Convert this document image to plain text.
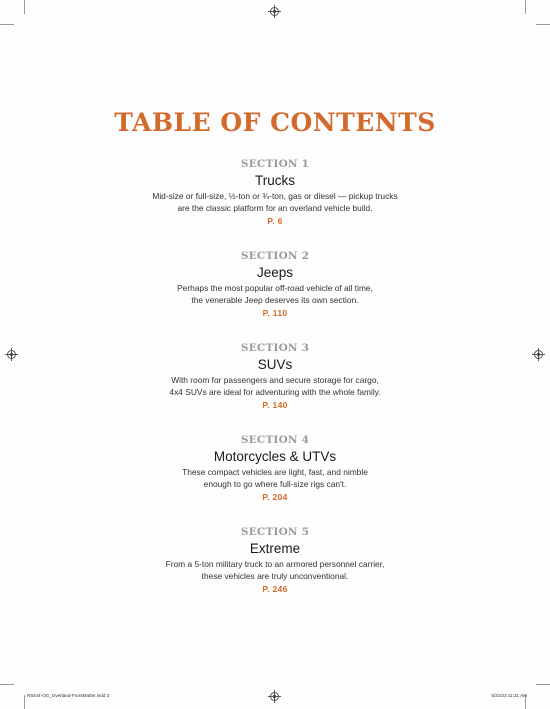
TABLE OF CONTENTS
SECTION 1
Trucks
Mid-size or full-size, ½-ton or ¾-ton, gas or diesel — pickup trucks
are the classic platform for an overland vehicle build.
P. 6
SECTION 2
Jeeps
Perhaps the most popular off-road vehicle of all time,
the venerable Jeep deserves its own section.
P. 110
SECTION 3
SUVs
With room for passengers and secure storage for cargo,
4x4 SUVs are ideal for adventuring with the whole family.
P. 140
SECTION 4
Motorcycles & UTVs
These compact vehicles are light, fast, and nimble
enough to go where full-size rigs can't.
P. 204
SECTION 5
Extreme
From a 5-ton military truck to an armored personnel carrier,
these vehicles are truly unconventional.
P. 246
R8444-OG_Overland-FrontMatter.indd 3	5/31/23 11:31 AM
